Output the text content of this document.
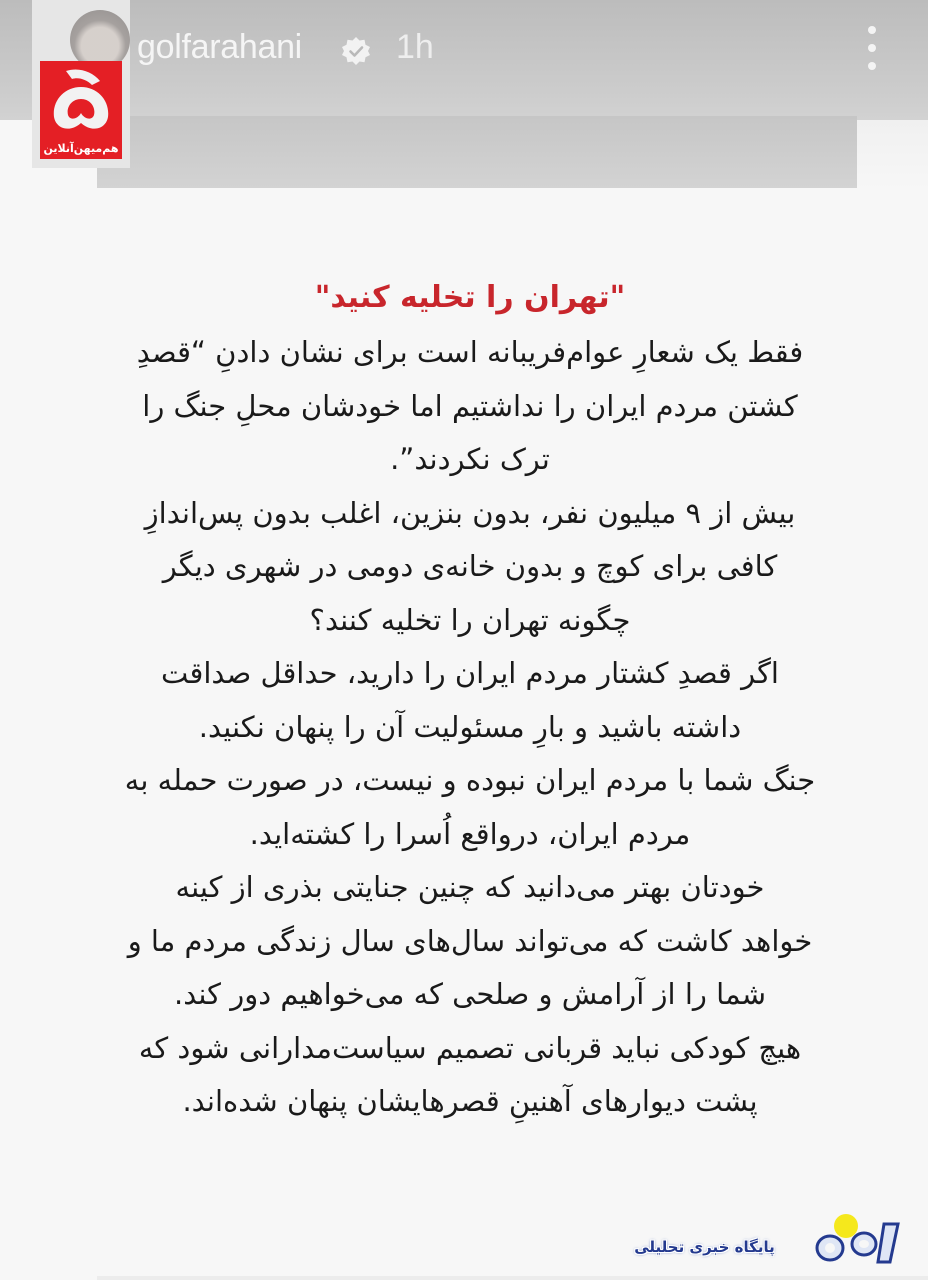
هم‌میهن‌آنلاین
golfarahani	1h
"تهران را تخلیه کنید"

فقط یک شعارِ عوام‌فریبانه است برای نشان دادنِ “قصدِ

کشتن مردم ایران را نداشتیم اما خودشان محلِ جنگ را

ترک نکردند”.

بیش از ۹ میلیون نفر، بدون بنزین، اغلب بدون پس‌اندازِ

کافی برای کوچ و بدون خانه‌ی دومی در شهری دیگر

چگونه تهران را تخلیه کنند؟

اگر قصدِ کشتار مردم ایران را دارید، حداقل صداقت

داشته باشید و بارِ مسئولیت آن را پنهان نکنید.

جنگ شما با مردم ایران نبوده و نیست، در صورت حمله به

مردم ایران، درواقع اُسرا را کشته‌اید.

خودتان بهتر می‌دانید که چنین جنایتی بذری از کینه

خواهد کاشت که می‌تواند سال‌های سال زندگی مردم ما و

شما را از آرامش و صلحی که می‌خواهیم دور کند.

هیچ کودکی نباید قربانی تصمیم سیاست‌مدارانی شود که

پشت دیوارهای آهنینِ قصرهایشان پنهان شده‌اند.

پایگاه خبری تحلیلی
